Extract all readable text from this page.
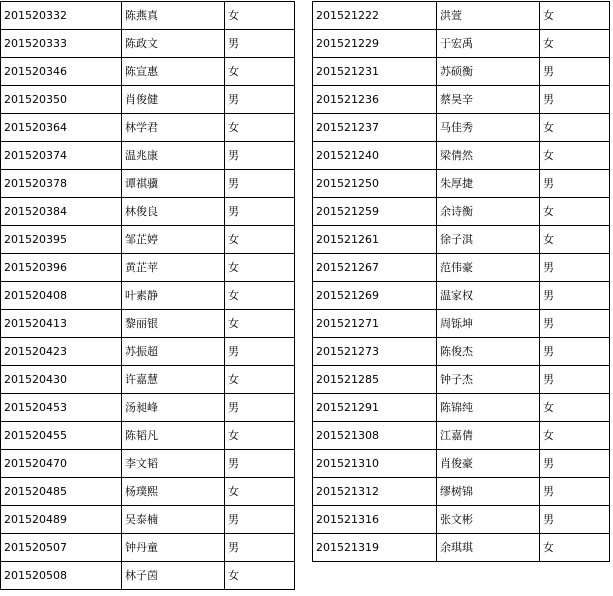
201520332	陈燕真	女
201520333	陈政文	男
201520346	陈宣惠	女
201520350	肖俊健	男
201520364	林学君	女
201520374	温兆康	男
201520378	谭祺骥	男
201520384	林俊良	男
201520395	邹芷婷	女
201520396	黄芷苹	女
201520408	叶素静	女
201520413	黎丽银	女
201520423	苏振超	男
201520430	许嘉慧	女
201520453	汤昶峰	男
201520455	陈韬凡	女
201520470	李文韬	男
201520485	杨璞熙	女
201520489	吴泰楠	男
201520507	钟丹童	男
201520508	林子茵	女
201521222	洪萱	女
201521229	于宏禹	女
201521231	苏硕衡	男
201521236	蔡昊辛	男
201521237	马佳秀	女
201521240	梁倩然	女
201521250	朱厚捷	男
201521259	余诗衡	女
201521261	徐子淇	女
201521267	范伟豪	男
201521269	温家权	男
201521271	周铄坤	男
201521273	陈俊杰	男
201521285	钟子杰	男
201521291	陈锦纯	女
201521308	江嘉倩	女
201521310	肖俊豪	男
201521312	缪树锦	男
201521316	张文彬	男
201521319	余琪琪	女
